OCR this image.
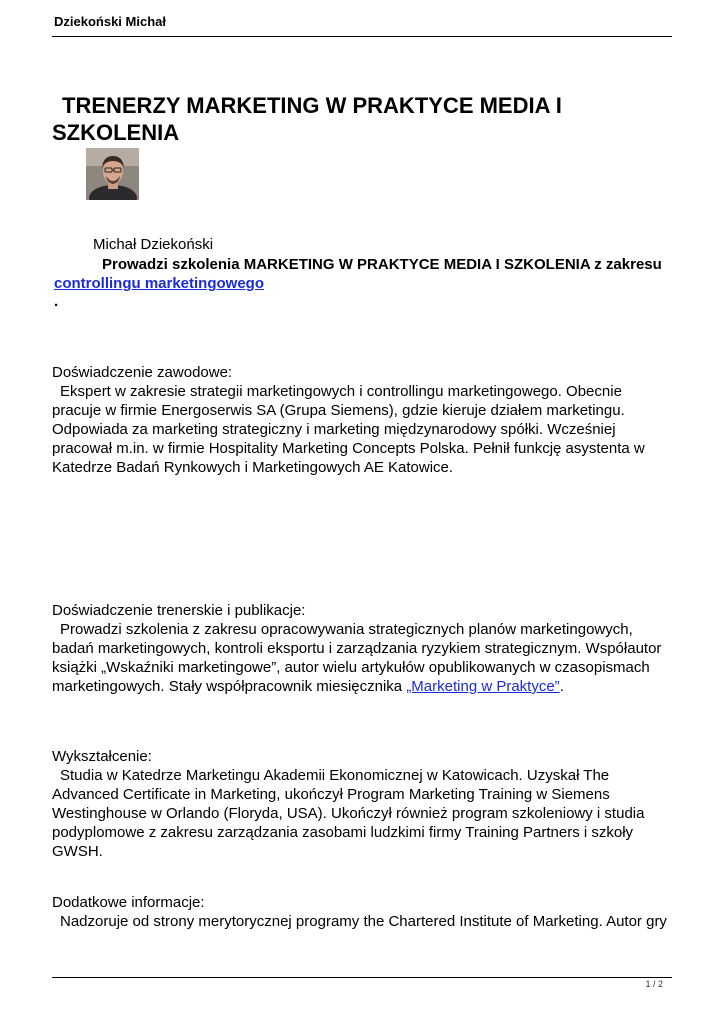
Dziekoński Michał
TRENERZY MARKETING W PRAKTYCE MEDIA I SZKOLENIA
Michał Dziekoński
Prowadzi szkolenia MARKETING W PRAKTYCE MEDIA I SZKOLENIA z zakresu controllingu marketingowego
.
Doświadczenie zawodowe:
Ekspert w zakresie strategii marketingowych i controllingu marketingowego. Obecnie pracuje w firmie Energoserwis SA (Grupa Siemens), gdzie kieruje działem marketingu. Odpowiada za marketing strategiczny i marketing międzynarodowy spółki. Wcześniej pracował m.in. w firmie Hospitality Marketing Concepts Polska. Pełnił funkcję asystenta w Katedrze Badań Rynkowych i Marketingowych AE Katowice.
Doświadczenie trenerskie i publikacje:
Prowadzi szkolenia z zakresu opracowywania strategicznych planów marketingowych, badań marketingowych, kontroli eksportu i zarządzania ryzykiem strategicznym. Współautor książki „Wskaźniki marketingowe”, autor wielu artykułów opublikowanych w czasopismach marketingowych. Stały współpracownik miesięcznika „Marketing w Praktyce”.
Wykształcenie:
Studia w Katedrze Marketingu Akademii Ekonomicznej w Katowicach. Uzyskał The Advanced Certificate in Marketing, ukończył Program Marketing Training w Siemens Westinghouse w Orlando (Floryda, USA). Ukończył również program szkoleniowy i studia podyplomowe z zakresu zarządzania zasobami ludzkimi firmy Training Partners i szkoły GWSH.
Dodatkowe informacje:
Nadzoruje od strony merytorycznej programy the Chartered Institute of Marketing. Autor gry
1 / 2
